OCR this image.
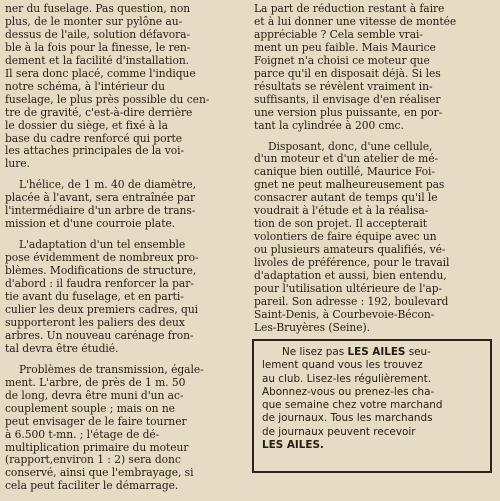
ner du fuselage. Pas question, non
plus, de le monter sur pylône au-
dessus de l'aile, solution défavora-
ble à la fois pour la finesse, le ren-
dement et la facilité d'installation.
Il sera donc placé, comme l'indique
notre schéma, à l'intérieur du
fuselage, le plus près possible du cen-
tre de gravité, c'est-à-dire derrière
le dossier du siège, et fixé à la
base du cadre renforcé qui porte
les attaches principales de la voi-
lure.

L'hélice, de 1 m. 40 de diamètre,
placée à l'avant, sera entraînée par
l'intermédiaire d'un arbre de trans-
mission et d'une courroie plate.

L'adaptation d'un tel ensemble
pose évidemment de nombreux pro-
blèmes. Modifications de structure,
d'abord : il faudra renforcer la par-
tie avant du fuselage, et en parti-
culier les deux premiers cadres, qui
supporteront les paliers des deux
arbres. Un nouveau carénage fron-
tal devra être étudié.

Problèmes de transmission, égale-
ment. L'arbre, de près de 1 m. 50
de long, devra être muni d'un ac-
couplement souple ; mais on ne
peut envisager de le faire tourner
à 6.500 t-mn. ; l'étage de dé-
multiplication primaire du moteur
(rapport,environ 1 : 2) sera donc
conservé, ainsi que l'embrayage, si
cela peut faciliter le démarrage.

La part de réduction restant à faire
et à lui donner une vitesse de montée
appréciable ? Cela semble vrai-
ment un peu faible. Mais Maurice
Foignet n'a choisi ce moteur que
parce qu'il en disposait déjà. Si les
résultats se révèlent vraiment in-
suffisants, il envisage d'en réaliser
une version plus puissante, en por-
tant la cylindrée à 200 cmc.

Disposant, donc, d'une cellule,
d'un moteur et d'un atelier de mé-
canique bien outillé, Maurice Foi-
gnet ne peut malheureusement pas
consacrer autant de temps qu'il le
voudrait à l'étude et à la réalisa-
tion de son projet. Il accepterait
volontiers de faire équipe avec un
ou plusieurs amateurs qualifiés, vé-
livoles de préférence, pour le travail
d'adaptation et aussi, bien entendu,
pour l'utilisation ultérieure de l'ap-
pareil. Son adresse : 192, boulevard
Saint-Denis, à Courbevoie-Bécon-
Les-Bruyères (Seine).

Ne lisez pas LES AILES seu-
lement quand vous les trouvez
au club. Lisez-les régulièrement.
Abonnez-vous ou prenez-les cha-
que semaine chez votre marchand
de journaux. Tous les marchands
de journaux peuvent recevoir
LES AILES.
